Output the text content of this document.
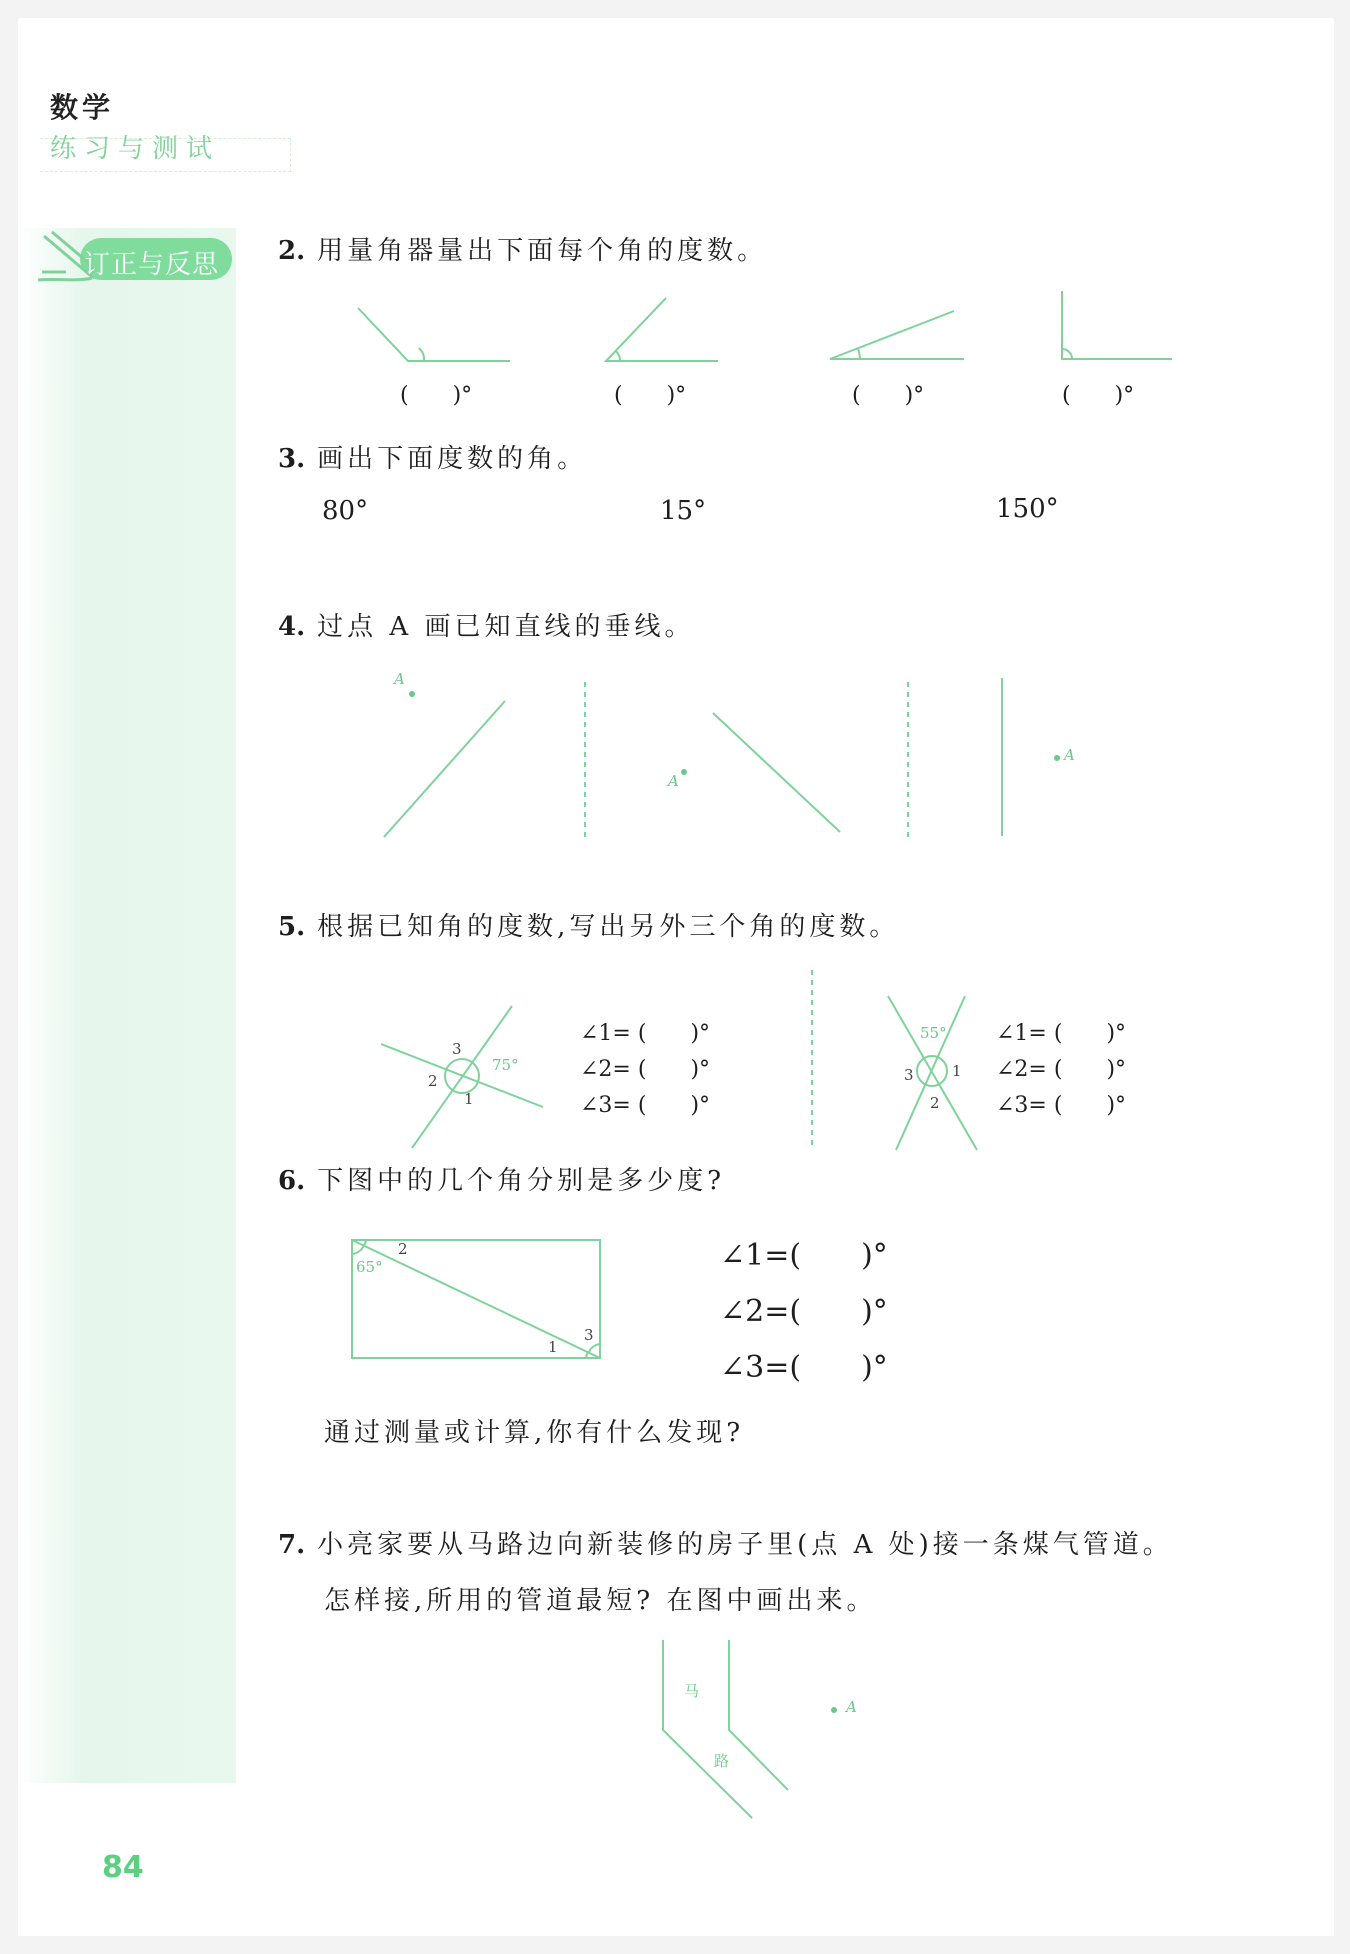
数学
练习与测试
订正与反思 2. 用量角器量出下面每个角的度数。
(　　)°	(　　)°	(　　)°	(　　)°
3. 画出下面度数的角。
80°	15°	150°
4. 过点 A 画已知直线的垂线。
A
A
A
5. 根据已知角的度数,写出另外三个角的度数。
75°
1
2
3
∠1= (　　)°
∠2= (　　)°
∠3= (　　)°
55°
1
2
3
∠1= (　　)°
∠2= (　　)°
∠3= (　　)°
6. 下图中的几个角分别是多少度?
65°
1
2
3
∠1=(　　)°
∠2=(　　)°
∠3=(　　)°
通过测量或计算,你有什么发现?
7. 小亮家要从马路边向新装修的房子里(点 A 处)接一条煤气管道。
怎样接,所用的管道最短? 在图中画出来。
马
路
A
84
